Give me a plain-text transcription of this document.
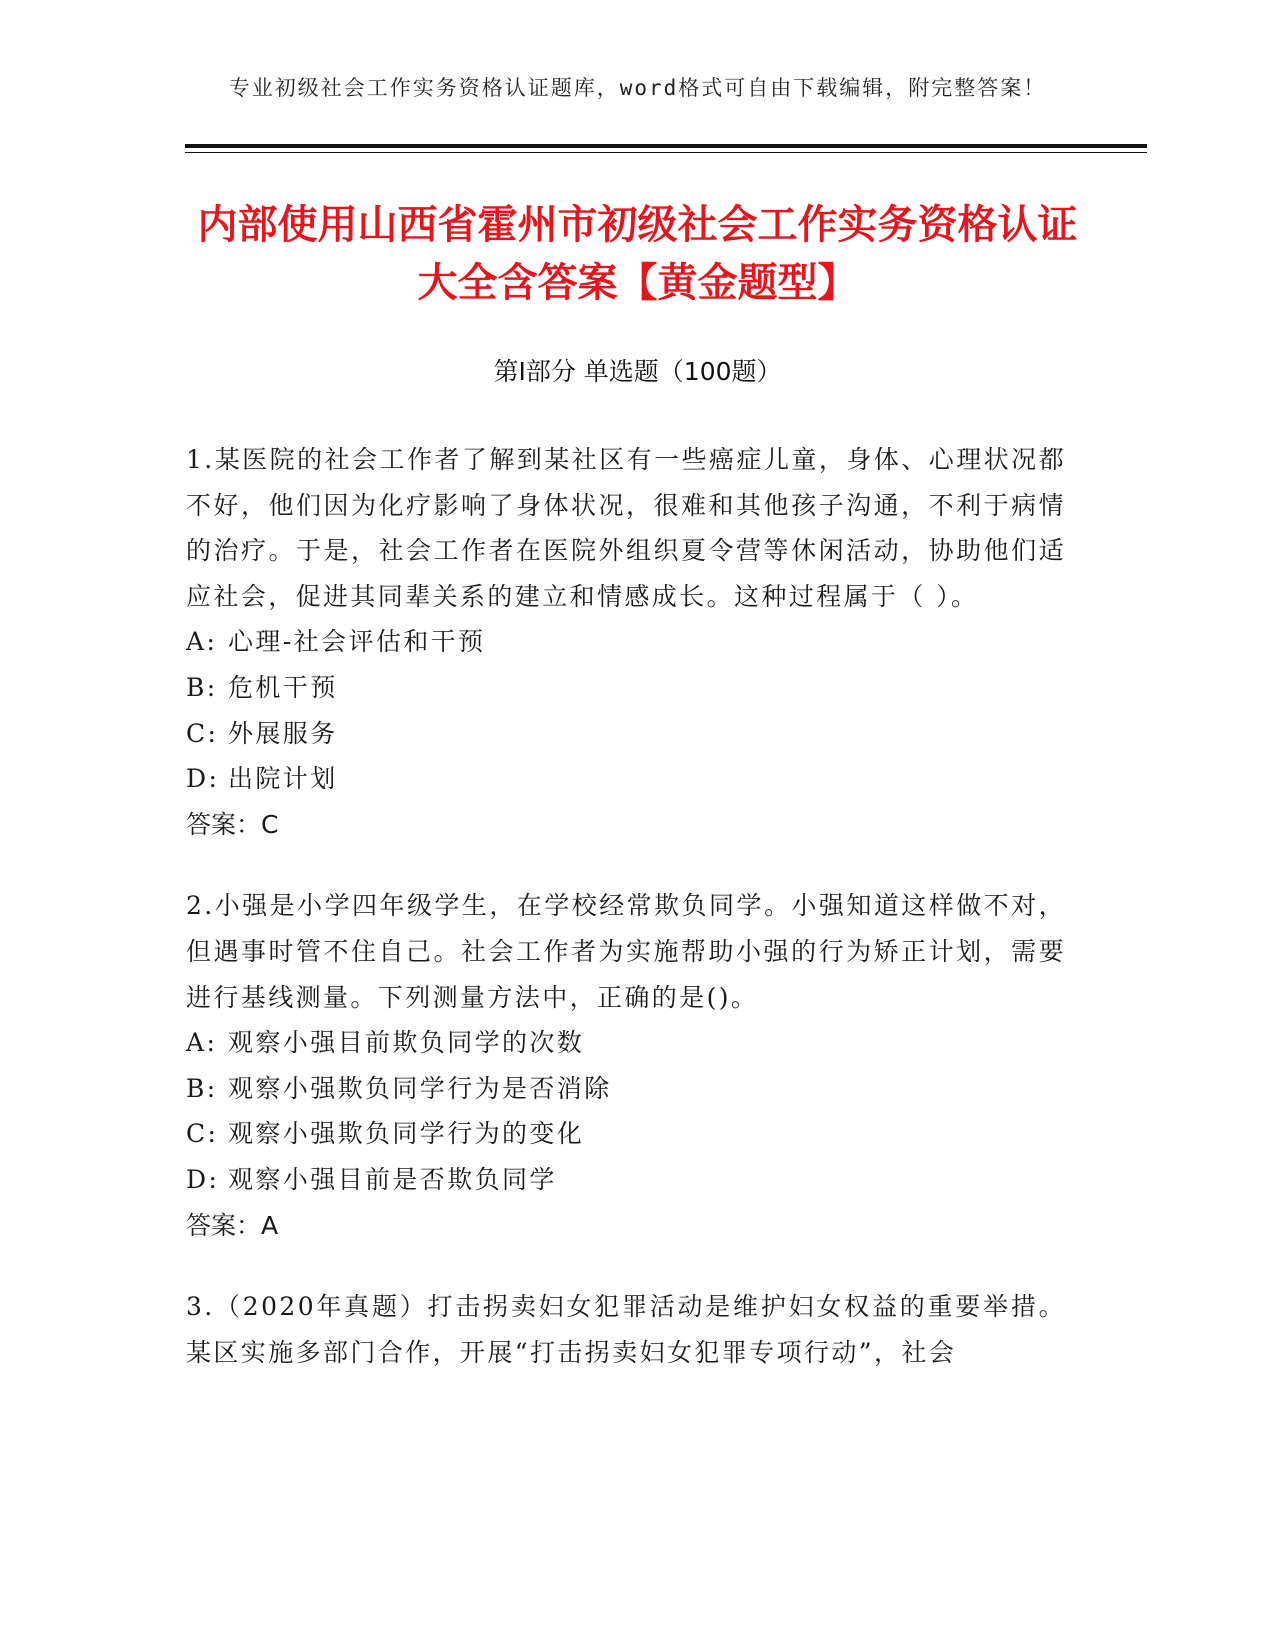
专业初级社会工作实务资格认证题库，word格式可自由下载编辑，附完整答案！
内部使用山西省霍州市初级社会工作实务资格认证大全含答案【黄金题型】
第Ⅰ部分 单选题（100题）

1.某医院的社会工作者了解到某社区有一些癌症儿童，身体、心理状况都不好，他们因为化疗影响了身体状况，很难和其他孩子沟通，不利于病情的治疗。于是，社会工作者在医院外组织夏令营等休闲活动，协助他们适应社会，促进其同辈关系的建立和情感成长。这种过程属于（ ）。

A: 心理-社会评估和干预

B: 危机干预

C: 外展服务

D: 出院计划

答案：C

2.小强是小学四年级学生，在学校经常欺负同学。小强知道这样做不对，但遇事时管不住自己。社会工作者为实施帮助小强的行为矫正计划，需要进行基线测量。下列测量方法中，正确的是()。

A: 观察小强目前欺负同学的次数

B: 观察小强欺负同学行为是否消除

C: 观察小强欺负同学行为的变化

D: 观察小强目前是否欺负同学

答案：A

3.（2020年真题）打击拐卖妇女犯罪活动是维护妇女权益的重要举措。某区实施多部门合作，开展“打击拐卖妇女犯罪专项行动”，社会
